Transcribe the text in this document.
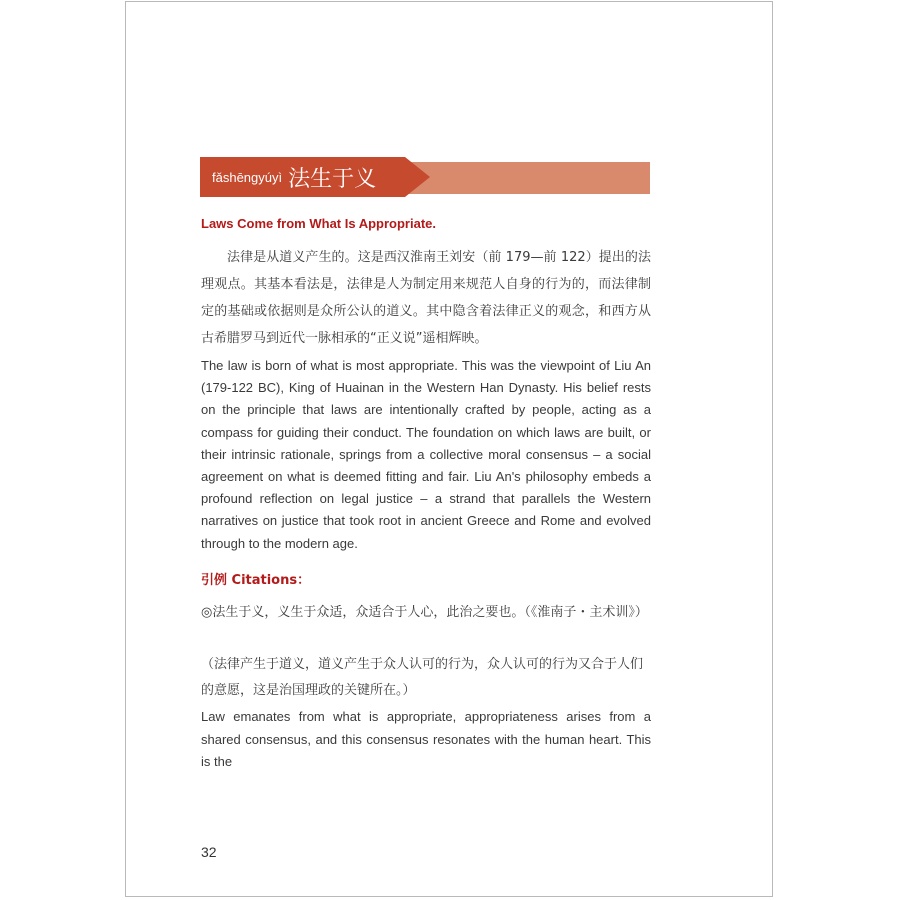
fǎshēngyúyì 法生于义

Laws Come from What Is Appropriate.

法律是从道义产生的。这是西汉淮南王刘安（前 179—前 122）提出的法理观点。其基本看法是，法律是人为制定用来规范人自身的行为的，而法律制定的基础或依据则是众所公认的道义。其中隐含着法律正义的观念，和西方从古希腊罗马到近代一脉相承的“正义说”遥相辉映。

The law is born of what is most appropriate. This was the viewpoint of Liu An (179-122 BC), King of Huainan in the Western Han Dynasty. His belief rests on the principle that laws are intentionally crafted by people, acting as a compass for guiding their conduct. The foundation on which laws are built, or their intrinsic rationale, springs from a collective moral consensus – a social agreement on what is deemed fitting and fair. Liu An's philosophy embeds a profound reflection on legal justice – a strand that parallels the Western narratives on justice that took root in ancient Greece and Rome and evolved through to the modern age.

引例 Citations：

◎法生于义，义生于众适，众适合于人心，此治之要也。（《淮南子・主术训》）

（法律产生于道义，道义产生于众人认可的行为，众人认可的行为又合于人们的意愿，这是治国理政的关键所在。）

Law emanates from what is appropriate, appropriateness arises from a shared consensus, and this consensus resonates with the human heart. This is the

32
